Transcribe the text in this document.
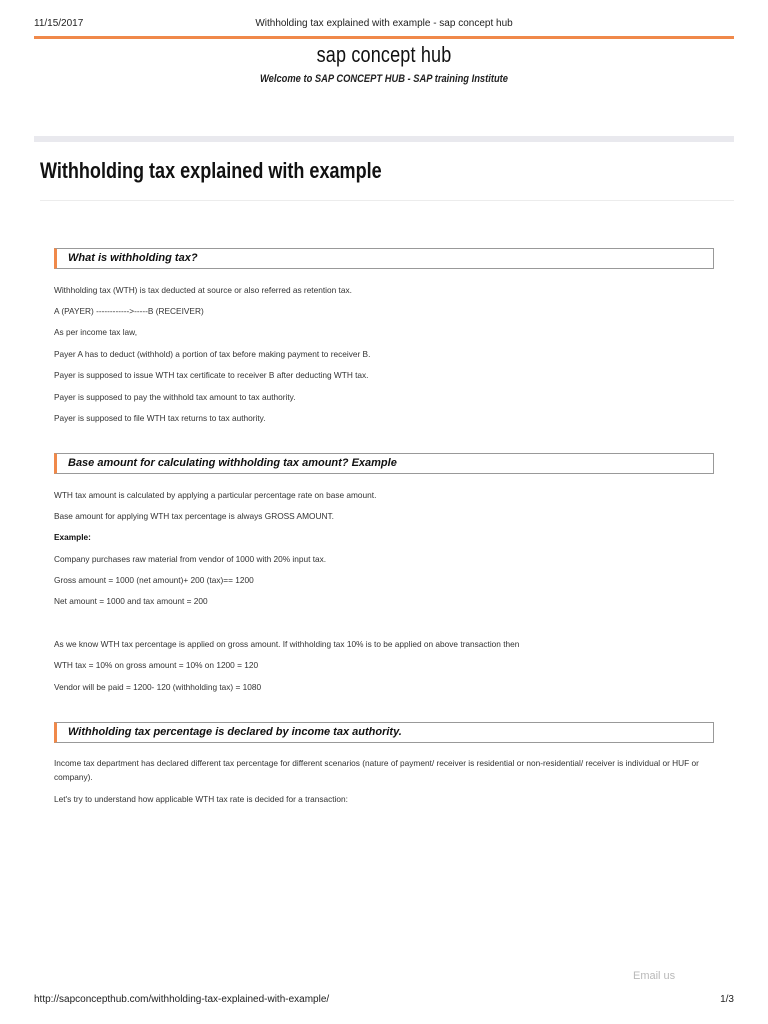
11/15/2017	Withholding tax explained with example - sap concept hub
sap concept hub
Welcome to SAP CONCEPT HUB - SAP training Institute
Withholding tax explained with example
What is withholding tax?

Withholding tax (WTH) is tax deducted at source or also referred as retention tax.

A (PAYER) ------------>-----B (RECEIVER)

As per income tax law,

Payer A has to deduct (withhold) a portion of tax before making payment to receiver B.

Payer is supposed to issue WTH tax certificate to receiver B after deducting WTH tax.

Payer is supposed to pay the withhold tax amount to tax authority.

Payer is supposed to file WTH tax returns to tax authority.

Base amount for calculating withholding tax amount? Example

WTH tax amount is calculated by applying a particular percentage rate on base amount.

Base amount for applying WTH tax percentage is always GROSS AMOUNT.

Example:

Company purchases raw material from vendor of 1000 with 20% input tax.

Gross amount = 1000 (net amount)+ 200 (tax)== 1200

Net amount = 1000 and tax amount = 200

As we know WTH tax percentage is applied on gross amount. If withholding tax 10% is to be applied on above transaction then

WTH tax = 10% on gross amount = 10% on 1200 = 120

Vendor will be paid = 1200- 120 (withholding tax) = 1080

Withholding tax percentage is declared by income tax authority.

Income tax department has declared different tax percentage for different scenarios (nature of payment/ receiver is residential or non-residential/ receiver is individual or HUF or company).

Let's try to understand how applicable WTH tax rate is decided for a transaction:

Email us
http://sapconcepthub.com/withholding-tax-explained-with-example/	1/3
